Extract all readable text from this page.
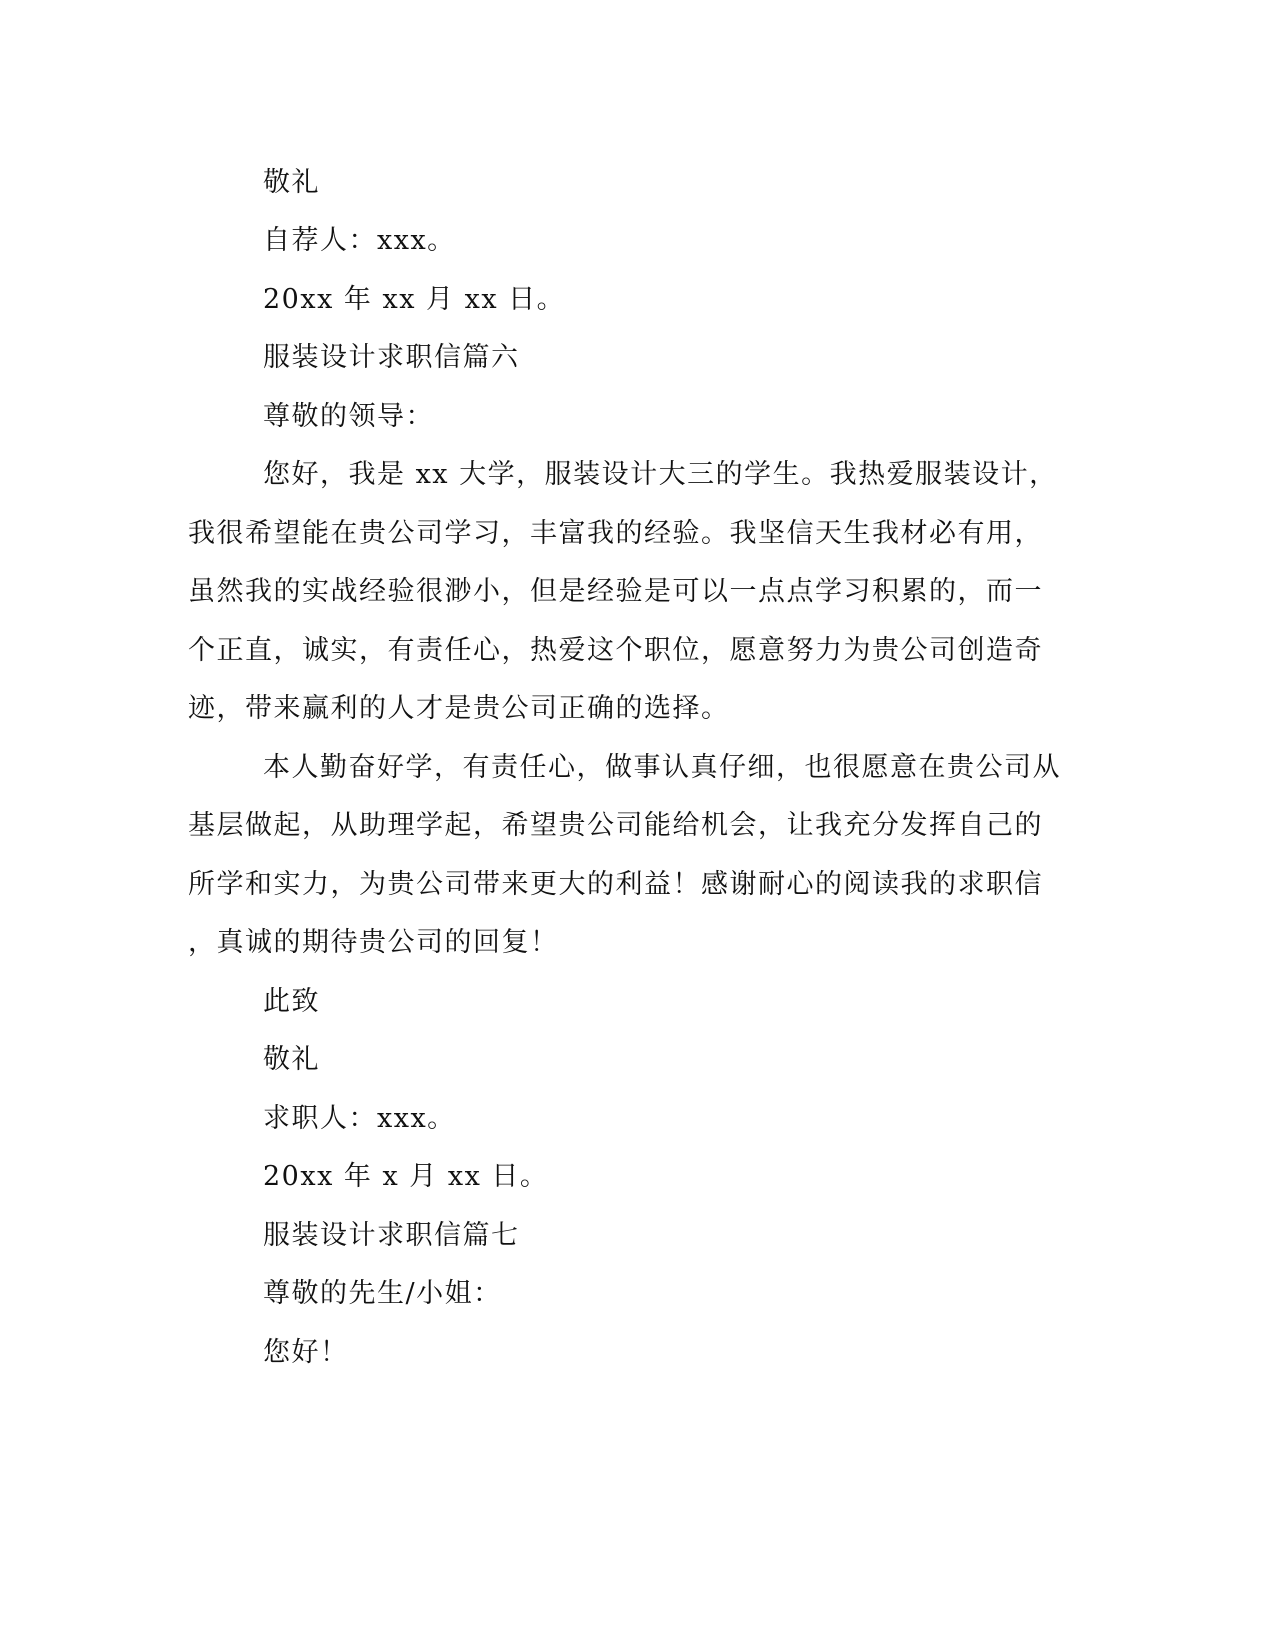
敬礼
自荐人：xxx。
20xx 年 xx 月 xx 日。
服装设计求职信篇六
尊敬的领导：
您好，我是 xx 大学，服装设计大三的学生。我热爱服装设计，
我很希望能在贵公司学习，丰富我的经验。我坚信天生我材必有用，
虽然我的实战经验很渺小，但是经验是可以一点点学习积累的，而一
个正直，诚实，有责任心，热爱这个职位，愿意努力为贵公司创造奇
迹，带来赢利的人才是贵公司正确的选择。
本人勤奋好学，有责任心，做事认真仔细，也很愿意在贵公司从
基层做起，从助理学起，希望贵公司能给机会，让我充分发挥自己的
所学和实力，为贵公司带来更大的利益！感谢耐心的阅读我的求职信
，真诚的期待贵公司的回复！
此致
敬礼
求职人：xxx。
20xx 年 x 月 xx 日。
服装设计求职信篇七
尊敬的先生/小姐：
您好！
